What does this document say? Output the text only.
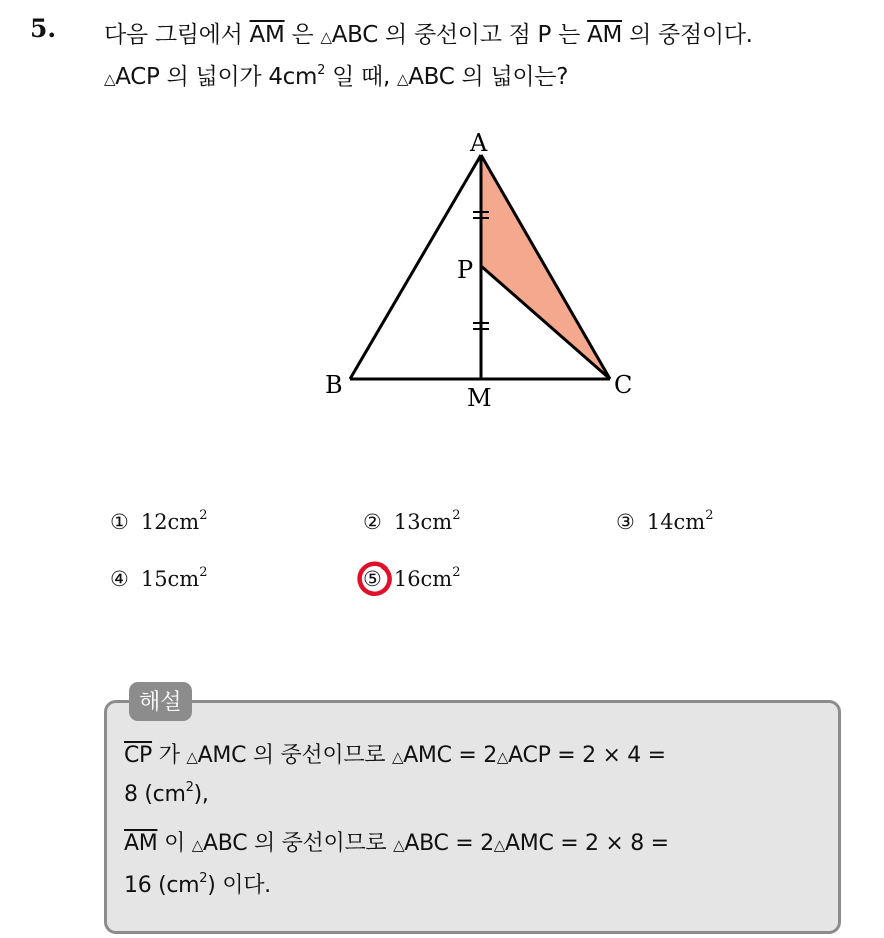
5. 다음 그림에서 $\overline{AM}$ 은 △ABC 의 중선이고 점 P 는 $\overline{AM}$ 의 중점이다.
△ACP 의 넓이가 $4cm^2$ 일 때, △ABC 의 넓이는?
A
B	C
M
P
① $12cm^2$	② $13cm^2$	③ $14cm^2$
④ $15cm^2$	⑤ $16cm^2$
해설
$\overline{CP}$ 가 △AMC 의 중선이므로 △AMC = 2△ACP = 2 × 4 =
8 $(cm^2)$,
$\overline{AM}$ 이 △ABC 의 중선이므로 △ABC = 2△AMC = 2 × 8 =
16 $(cm^2)$ 이다.
